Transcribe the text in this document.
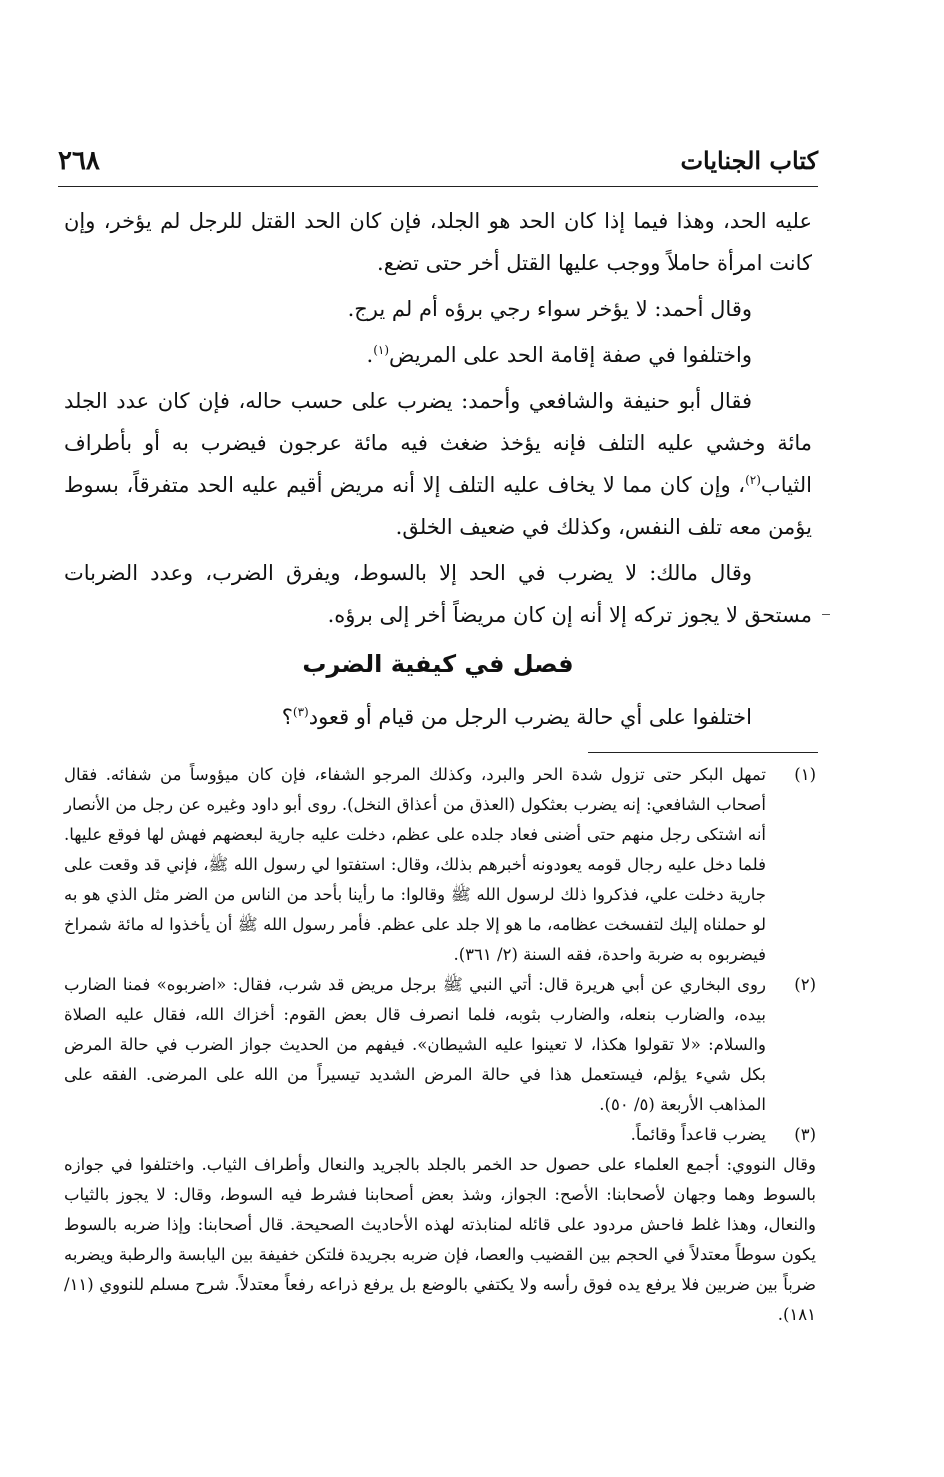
٢٦٨	كتاب الجنايات

عليه الحد، وهذا فيما إذا كان الحد هو الجلد، فإن كان الحد القتل للرجل لم يؤخر، وإن كانت امرأة حاملاً ووجب عليها القتل أخر حتى تضع.

وقال أحمد: لا يؤخر سواء رجي برؤه أم لم يرج.

واختلفوا في صفة إقامة الحد على المريض$^{(١)}$.

فقال أبو حنيفة والشافعي وأحمد: يضرب على حسب حاله، فإن كان عدد الجلد مائة وخشي عليه التلف فإنه يؤخذ ضغث فيه مائة عرجون فيضرب به أو بأطراف الثياب$^{(٢)}$، وإن كان مما لا يخاف عليه التلف إلا أنه مريض أقيم عليه الحد متفرقاً، بسوط يؤمن معه تلف النفس، وكذلك في ضعيف الخلق.

وقال مالك: لا يضرب في الحد إلا بالسوط، ويفرق الضرب، وعدد الضربات مستحق لا يجوز تركه إلا أنه إن كان مريضاً أخر إلى برؤه.

فصل في كيفية الضرب
اختلفوا على أي حالة يضرب الرجل من قيام أو قعود$^{(٣)}$؟
(١)
تمهل البكر حتى تزول شدة الحر والبرد، وكذلك المرجو الشفاء، فإن كان ميؤوساً من شفائه. فقال أصحاب الشافعي: إنه يضرب بعثكول (العذق من أعذاق النخل). روى أبو داود وغيره عن رجل من الأنصار أنه اشتكى رجل منهم حتى أضنى فعاد جلده على عظم، دخلت عليه جارية لبعضهم فهش لها فوقع عليها. فلما دخل عليه رجال قومه يعودونه أخبرهم بذلك، وقال: استفتوا لي رسول الله ﷺ، فإني قد وقعت على جارية دخلت علي، فذكروا ذلك لرسول الله ﷺ وقالوا: ما رأينا بأحد من الناس من الضر مثل الذي هو به لو حملناه إليك لتفسخت عظامه، ما هو إلا جلد على عظم. فأمر رسول الله ﷺ أن يأخذوا له مائة شمراخ فيضربوه به ضربة واحدة، فقه السنة (٢/ ٣٦١).
(٢)
روى البخاري عن أبي هريرة قال: أتي النبي ﷺ برجل مريض قد شرب، فقال: «اضربوه» فمنا الضارب بيده، والضارب بنعله، والضارب بثوبه، فلما انصرف قال بعض القوم: أخزاك الله، فقال عليه الصلاة والسلام: «لا تقولوا هكذا، لا تعينوا عليه الشيطان». فيفهم من الحديث جواز الضرب في حالة المرض بكل شيء يؤلم، فيستعمل هذا في حالة المرض الشديد تيسيراً من الله على المرضى. الفقه على المذاهب الأربعة (٥/ ٥٠).
(٣)
يضرب قاعداً وقائماً.
وقال النووي: أجمع العلماء على حصول حد الخمر بالجلد بالجريد والنعال وأطراف الثياب. واختلفوا في جوازه بالسوط وهما وجهان لأصحابنا: الأصح: الجواز، وشذ بعض أصحابنا فشرط فيه السوط، وقال: لا يجوز بالثياب والنعال، وهذا غلط فاحش مردود على قائله لمنابذته لهذه الأحاديث الصحيحة. قال أصحابنا: وإذا ضربه بالسوط يكون سوطاً معتدلاً في الحجم بين القضيب والعصا، فإن ضربه بجريدة فلتكن خفيفة بين اليابسة والرطبة ويضربه ضرباً بين ضربين فلا يرفع يده فوق رأسه ولا يكتفي بالوضع بل يرفع ذراعه رفعاً معتدلاً. شرح مسلم للنووي (١١/ ١٨١).
